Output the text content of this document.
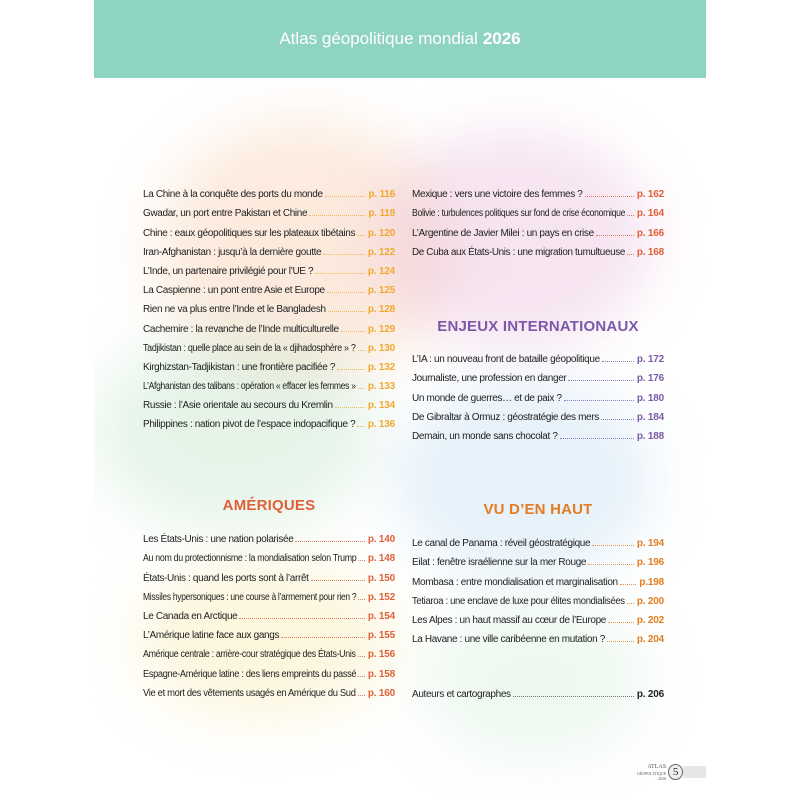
Atlas géopolitique mondial 2026
La Chine à la conquête des ports du monde	p. 116
Gwadar, un port entre Pakistan et Chine	p. 118
Chine : eaux géopolitiques sur les plateaux tibétains p. 120
Iran-Afghanistan : jusqu’à la dernière goutte	p. 122
L’Inde, un partenaire privilégié pour l’UE ?	p. 124
La Caspienne : un pont entre Asie et Europe	p. 125
Rien ne va plus entre l’Inde et le Bangladesh	p. 128
Cachemire : la revanche de l’Inde multiculturelle	p. 129
Tadjikistan : quelle place au sein de la « djihadosphère » ? p. 130
Kirghizstan-Tadjikistan : une frontière pacifiée ?	p. 132
L’Afghanistan des talibans : opération « effacer les femmes » p. 133
Russie : l’Asie orientale au secours du Kremlin	p. 134
Philippines : nation pivot de l’espace indopacifique ? p. 136
AMÉRIQUES
Les États-Unis : une nation polarisée	p. 140
Au nom du protectionnisme : la mondialisation selon Trump p. 148
États-Unis : quand les ports sont à l’arrêt	p. 150
Missiles hypersoniques : une course à l’armement pour rien ? p. 152
Le Canada en Arctique	p. 154
L’Amérique latine face aux gangs	p. 155
Amérique centrale : arrière-cour stratégique des États-Unis p. 156
Espagne-Amérique latine : des liens empreints du passé p. 158
Vie et mort des vêtements usagés en Amérique du Sud p. 160
Mexique : vers une victoire des femmes ?	p. 162
Bolivie : turbulences politiques sur fond de crise économique p. 164
L’Argentine de Javier Milei : un pays en crise	p. 166
De Cuba aux États-Unis : une migration tumultueuse p. 168
ENJEUX INTERNATIONAUX
L’IA : un nouveau front de bataille géopolitique	p. 172
Journaliste, une profession en danger	p. 176
Un monde de guerres… et de paix ?	p. 180
De Gibraltar à Ormuz : géostratégie des mers	p. 184
Demain, un monde sans chocolat ?	p. 188
VU D’EN HAUT
Le canal de Panama : réveil géostratégique	p. 194
Eilat : fenêtre israélienne sur la mer Rouge	p. 196
Mombasa : entre mondialisation et marginalisation p.198
Tetiaroa : une enclave de luxe pour élites mondialisées p. 200
Les Alpes : un haut massif au cœur de l’Europe	p. 202
La Havane : une ville caribéenne en mutation ?	p. 204
Auteurs et cartographes	p. 206
ATLAS
GÉOPOLITIQUE 2026 5
